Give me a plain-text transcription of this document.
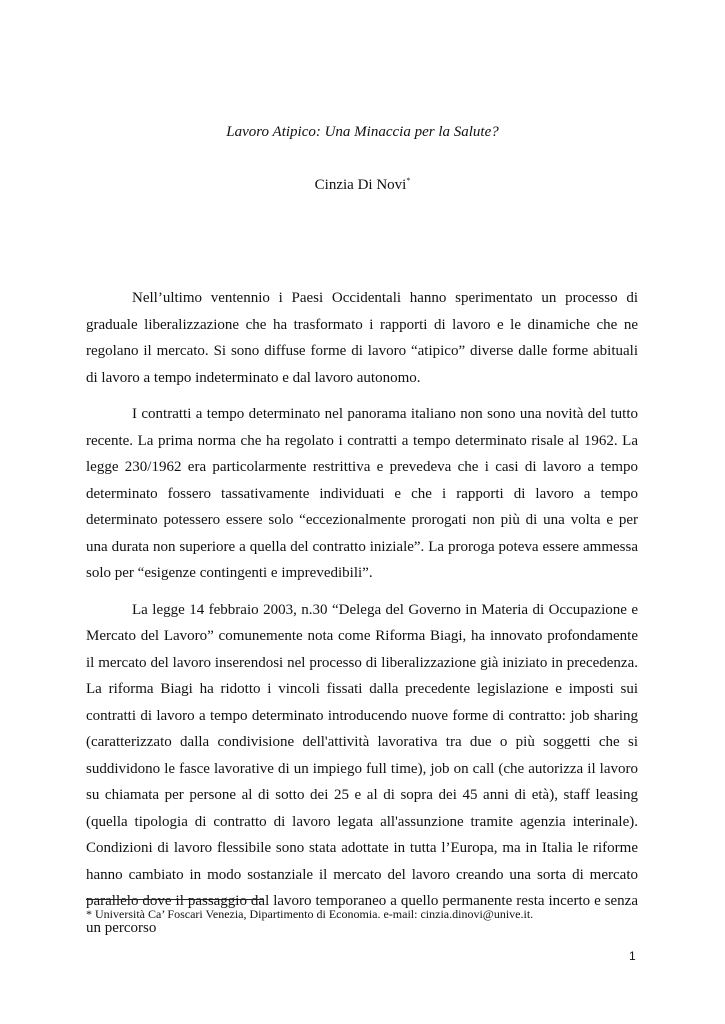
Lavoro Atipico: Una Minaccia per la Salute?
Cinzia Di Novi*

Nell’ultimo ventennio i Paesi Occidentali hanno sperimentato un processo di graduale liberalizzazione che ha trasformato i rapporti di lavoro e le dinamiche che ne regolano il mercato. Si sono diffuse forme di lavoro “atipico” diverse dalle forme abituali di lavoro a tempo indeterminato e dal lavoro autonomo.

I contratti a tempo determinato nel panorama italiano non sono una novità del tutto recente. La prima norma che ha regolato i contratti a tempo determinato risale al 1962. La legge 230/1962 era particolarmente restrittiva e prevedeva che i casi di lavoro a tempo determinato fossero tassativamente individuati e che i rapporti di lavoro a tempo determinato potessero essere solo “eccezionalmente prorogati non più di una volta e per una durata non superiore a quella del contratto iniziale”. La proroga poteva essere ammessa solo per “esigenze contingenti e imprevedibili”.

La legge 14 febbraio 2003, n.30 “Delega del Governo in Materia di Occupazione e Mercato del Lavoro” comunemente nota come Riforma Biagi, ha innovato profondamente il mercato del lavoro inserendosi nel processo di liberalizzazione già iniziato in precedenza. La riforma Biagi ha ridotto i vincoli fissati dalla precedente legislazione e imposti sui contratti di lavoro a tempo determinato introducendo nuove forme di contratto: job sharing (caratterizzato dalla condivisione dell'attività lavorativa tra due o più soggetti che si suddividono le fasce lavorative di un impiego full time), job on call (che autorizza il lavoro su chiamata per persone al di sotto dei 25 e al di sopra dei 45 anni di età), staff leasing (quella tipologia di contratto di lavoro legata all'assunzione tramite agenzia interinale). Condizioni di lavoro flessibile sono stata adottate in tutta l’Europa, ma in Italia le riforme hanno cambiato in modo sostanziale il mercato del lavoro creando una sorta di mercato parallelo dove il passaggio dal lavoro temporaneo a quello permanente resta incerto e senza un percorso

* Università Ca’ Foscari Venezia, Dipartimento di Economia. e-mail: cinzia.dinovi@unive.it.
1
